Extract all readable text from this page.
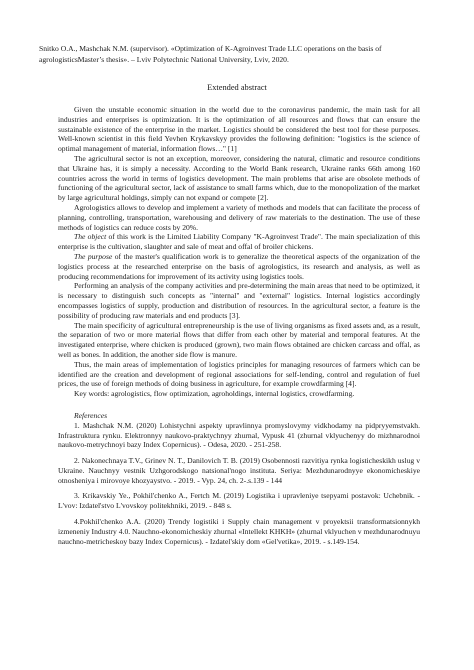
Snitko O.A., Mashchak N.M. (supervisor). «Optimization of K-Agroinvest Trade LLC operations on the basis of agrologisticsMaster’s thesis». – Lviv Polytechnic National University, Lviv, 2020.
Extended abstract

Given the unstable economic situation in the world due to the coronavirus pandemic, the main task for all industries and enterprises is optimization. It is the optimization of all resources and flows that can ensure the sustainable existence of the enterprise in the market. Logistics should be considered the best tool for these purposes. Well-known scientist in this field Yevhen Krykavskyy provides the following definition: "logistics is the science of optimal management of material, information flows…" [1]

The agricultural sector is not an exception, moreover, considering the natural, climatic and resource conditions that Ukraine has, it is simply a necessity. According to the World Bank research, Ukraine ranks 66th among 160 countries across the world in terms of logistics development. The main problems that arise are obsolete methods of functioning of the agricultural sector, lack of assistance to small farms which, due to the monopolization of the market by large agricultural holdings, simply can not expand or compete [2].

Agrologistics allows to develop and implement a variety of methods and models that can facilitate the process of planning, controlling, transportation, warehousing and delivery of raw materials to the destination. The use of these methods of logistics can reduce costs by 20%.

The object of this work is the Limited Liability Company "K-Agroinvest Trade". The main specialization of this enterprise is the cultivation, slaughter and sale of meat and offal of broiler chickens.

The purpose of the master's qualification work is to generalize the theoretical aspects of the organization of the logistics process at the researched enterprise on the basis of agrologistics, its research and analysis, as well as producing recommendations for improvement of its activity using logistics tools.

Performing an analysis of the company activities and pre-determining the main areas that need to be optimized, it is necessary to distinguish such concepts as "internal" and "external" logistics. Internal logistics accordingly encompasses logistics of supply, production and distribution of resources. In the agricultural sector, a feature is the possibility of producing raw materials and end products [3].

The main specificity of agricultural entrepreneurship is the use of living organisms as fixed assets and, as a result, the separation of two or more material flows that differ from each other by material and temporal features. At the investigated enterprise, where chicken is produced (grown), two main flows obtained are chicken carcass and offal, as well as bones. In addition, the another side flow is manure.

Thus, the main areas of implementation of logistics principles for managing resources of farmers which can be identified are the creation and development of regional associations for self-lending, control and regulation of fuel prices, the use of foreign methods of doing business in agriculture, for example crowdfarming [4].

Key words: agrologistics, flow optimization, agroholdings, internal logistics, crowdfarming.

References

1. Mashchak N.M. (2020) Lohistychni aspekty upravlinnya promyslovymy vidkhodamy na pidpryyemstvakh. Infrastruktura rynku. Elektronnyy naukovo-praktychnyy zhurnal, Vypusk 41 (zhurnal vklyuchenyy do mizhnarodnoi naukovo-metrychnoyi bazy Index Copernicus). - Odesa, 2020. - 251-258.

2. Nakonechnaya T.V., Grinev N. T., Danilovich T. B. (2019) Osobennosti razvitiya rynka logisticheskikh uslug v Ukraine. Nauchnyy vestnik Uzhgorodskogo natsional'nogo instituta. Seriya: Mezhdunarodnyye ekonomicheskiye otnosheniya i mirovoye khozyaystvo. - 2019. - Vyp. 24, ch. 2-.s.139 - 144

3. Krikavskiy Ye., Pokhil'chenko A., Fertch M. (2019) Logistika i upravleniye tsepyami postavok: Uchebnik. - L'vov: Izdatel'stvo L'vovskoy politekhniki, 2019. - 848 s.

4.Pokhil'chenko A.A. (2020) Trendy logistiki i Supply chain management v proyektsii transformatsionnykh izmeneniy Industry 4.0. Nauchno-ekonomicheskiy zhurnal «Intellekt KHKH» (zhurnal vklyuchen v mezhdunarodnuyu nauchno-metricheskoy bazy Index Copernicus). - Izdatel'skiy dom «Gel'vetika», 2019. - s.149-154.
